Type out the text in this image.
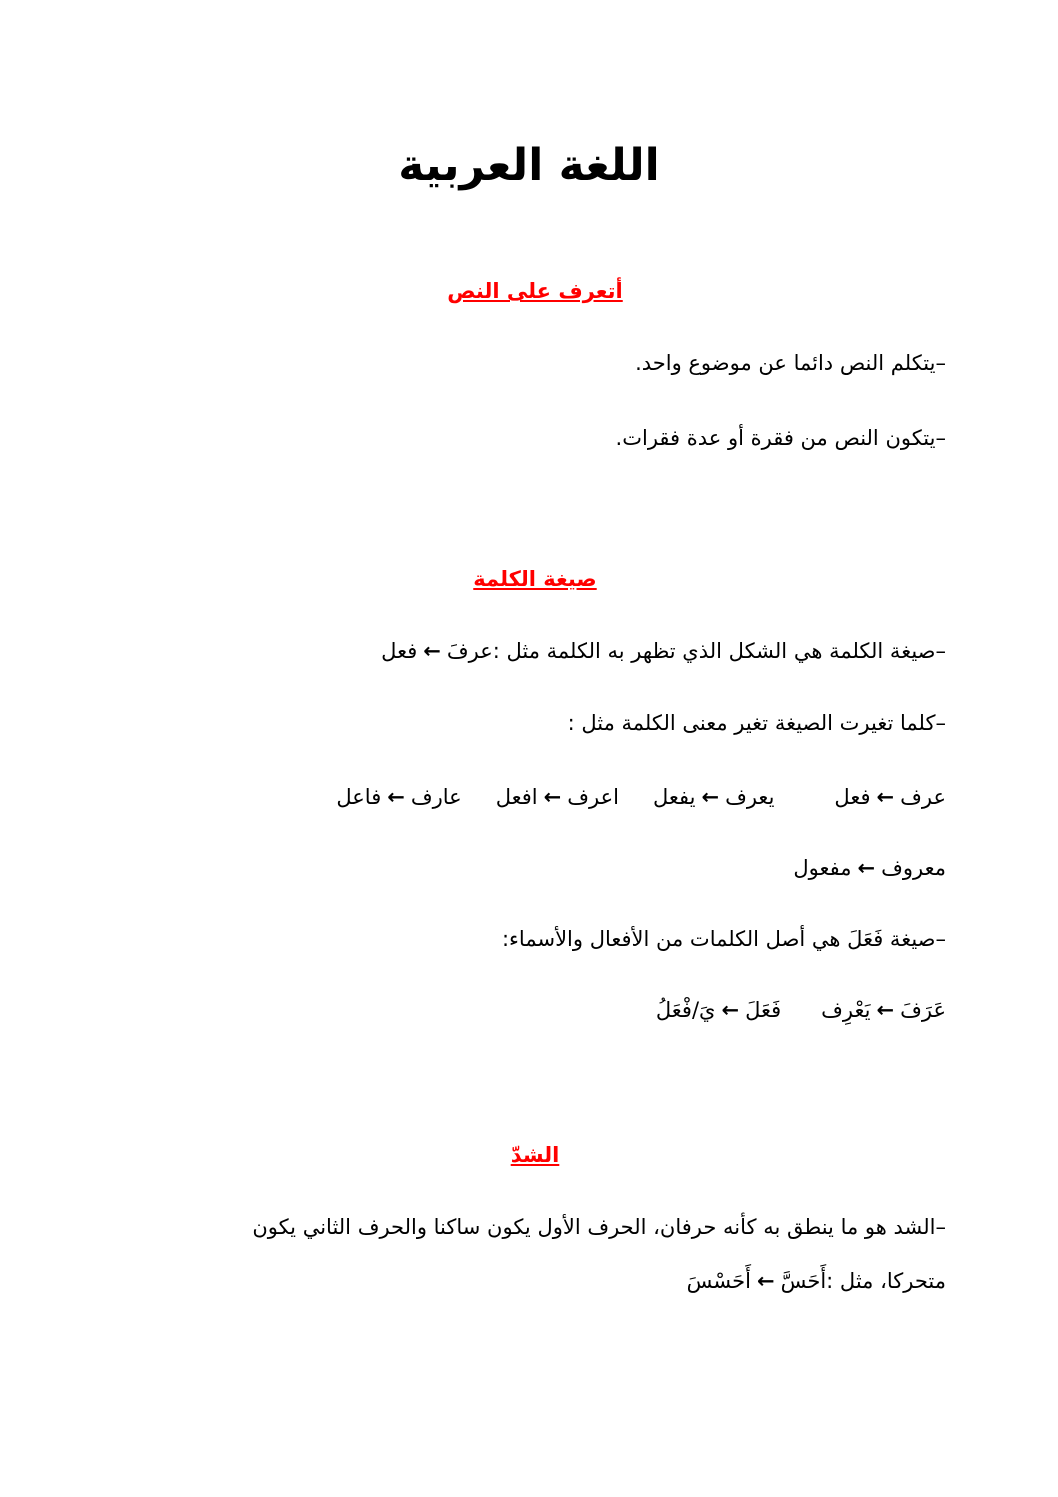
اللغة العربية
أتعرف على النص

–يتكلم النص دائما عن موضوع واحد.

–يتكون النص من فقرة أو عدة فقرات.

صيغة الكلمة

–صيغة الكلمة هي الشكل الذي تظهر به الكلمة مثل :عرفَ←فعل

–كلما تغيرت الصيغة تغير معنى الكلمة مثل :

عرف←فعليعرف←يفعلاعرف←افعلعارف←فاعل

معروف←مفعول

–صيغة فَعَلَ هي أصل الكلمات من الأفعال والأسماء:

عَرَفَ←يَعْرِففَعَلَ←يَ/فْعَلُ

الشدّ

–الشد هو ما ينطق به كأنه حرفان، الحرف الأول يكون ساكنا والحرف الثاني يكون

متحركا، مثل :أَحَسَّ←أَحَسْسَ
